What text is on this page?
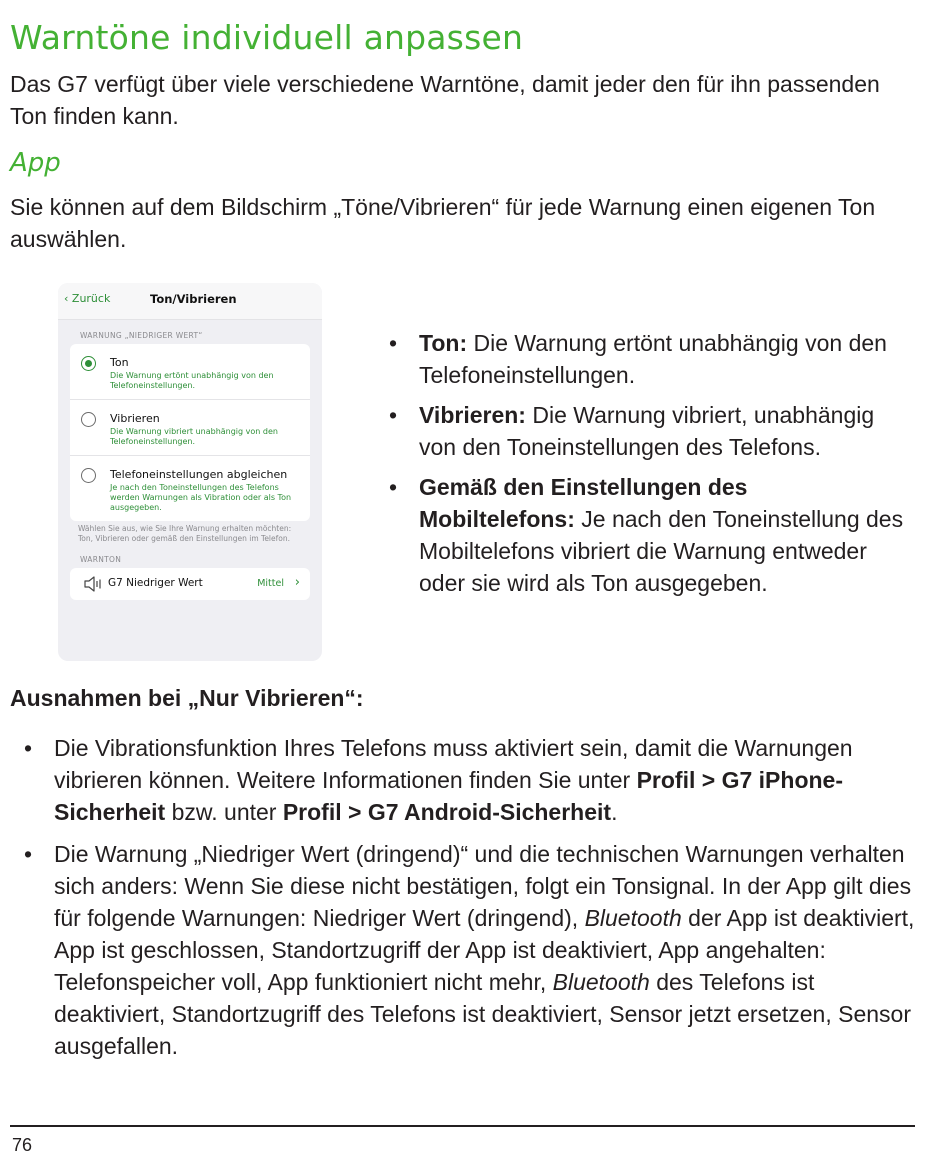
Warntöne individuell anpassen
Das G7 verfügt über viele verschiedene Warntöne, damit jeder den für ihn passenden Ton finden kann.
App
Sie können auf dem Bildschirm „Töne/Vibrieren“ für jede Warnung einen eigenen Ton auswählen.
‹ Zurück	Ton/Vibrieren
WARNUNG „NIEDRIGER WERT“
Ton
Die Warnung ertönt unabhängig von den Telefoneinstellungen.
Vibrieren
Die Warnung vibriert unabhängig von den Telefoneinstellungen.
Telefoneinstellungen abgleichen
Je nach den Toneinstellungen des Telefons werden Warnungen als Vibration oder als Ton ausgegeben.
Wählen Sie aus, wie Sie Ihre Warnung erhalten möchten: Ton, Vibrieren oder gemäß den Einstellungen im Telefon.
WARNTON
G7 Niedriger Wert	Mittel ›
• Ton: Die Warnung ertönt unabhängig von den Telefoneinstellungen.
• Vibrieren: Die Warnung vibriert, unabhängig von den Toneinstellungen des Telefons.
• Gemäß den Einstellungen des Mobiltelefons: Je nach den Toneinstellung des Mobiltelefons vibriert die Warnung entweder oder sie wird als Ton ausgegeben.
Ausnahmen bei „Nur Vibrieren“:
• Die Vibrationsfunktion Ihres Telefons muss aktiviert sein, damit die Warnungen vibrieren können. Weitere Informationen finden Sie unter Profil > G7 iPhone-Sicherheit bzw. unter Profil > G7 Android-Sicherheit.
• Die Warnung „Niedriger Wert (dringend)“ und die technischen Warnungen verhalten sich anders: Wenn Sie diese nicht bestätigen, folgt ein Tonsignal. In der App gilt dies für folgende Warnungen: Niedriger Wert (dringend), Bluetooth der App ist deaktiviert, App ist geschlossen, Standortzugriff der App ist deaktiviert, App angehalten: Telefonspeicher voll, App funktioniert nicht mehr, Bluetooth des Telefons ist deaktiviert, Standortzugriff des Telefons ist deaktiviert, Sensor jetzt ersetzen, Sensor ausgefallen.
76
